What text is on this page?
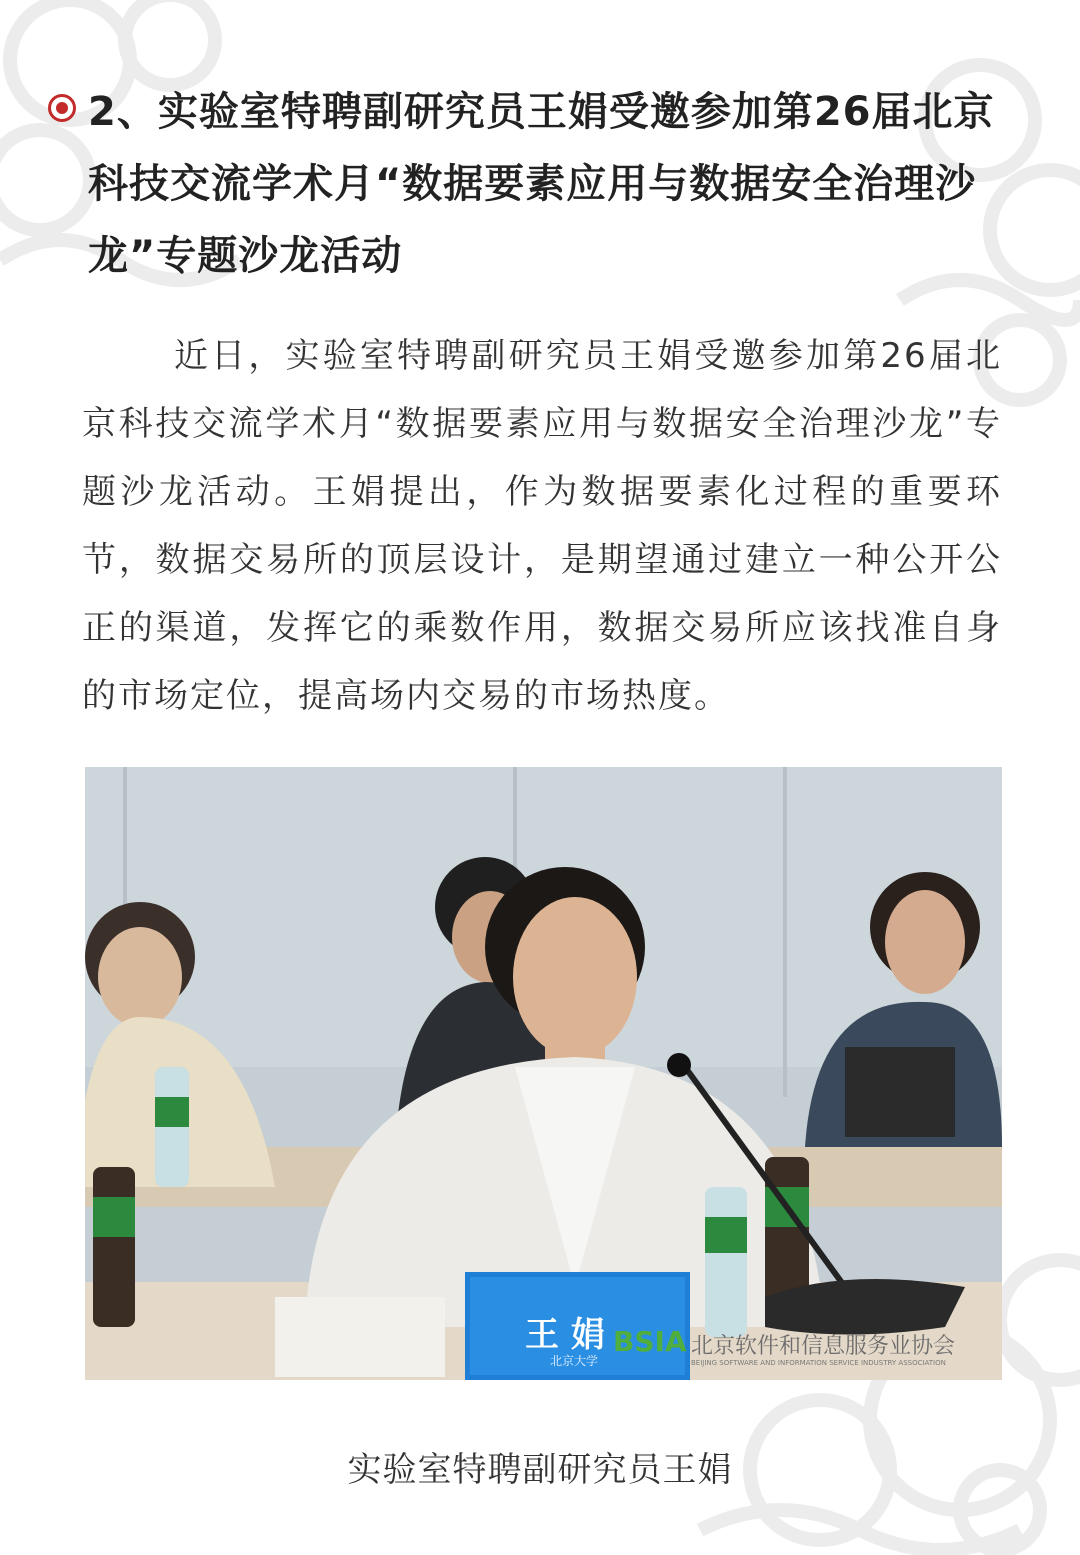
2、实验室特聘副研究员王娟受邀参加第26届北京科技交流学术月“数据要素应用与数据安全治理沙龙”专题沙龙活动

近日，实验室特聘副研究员王娟受邀参加第26届北京科技交流学术月“数据要素应用与数据安全治理沙龙”专题沙龙活动。王娟提出，作为数据要素化过程的重要环节，数据交易所的顶层设计，是期望通过建立一种公开公正的渠道，发挥它的乘数作用，数据交易所应该找准自身的市场定位，提高场内交易的市场热度。

王 娟
北京大学
BSIA 北京软件和信息服务业协会
BEIJING SOFTWARE AND INFORMATION SERVICE INDUSTRY ASSOCIATION
实验室特聘副研究员王娟
